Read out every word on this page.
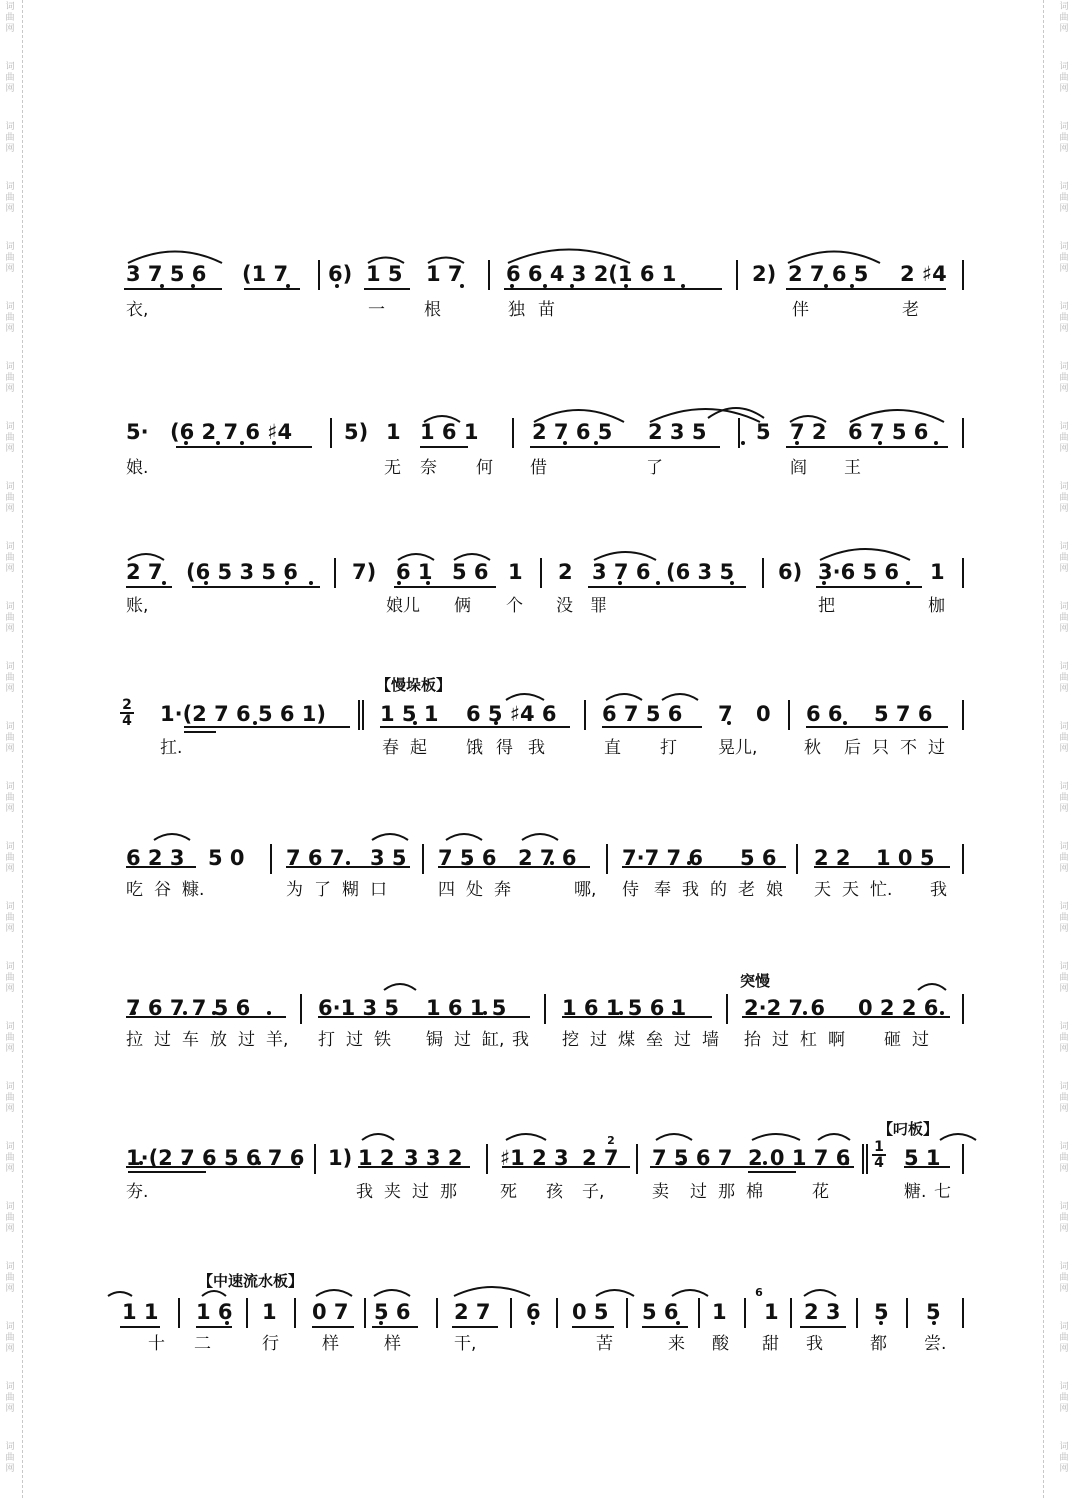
3 7 5 6 (1 7 6) 1 5 1 7 6 6 4 3 2(1 6 1	2) 2 7 6 5 2 ♯4
衣,	一 根	独 苗	伴	老
5· (6 2 7 6 ♯4 5) 1 1 6 1	2 7 6 5 2 3 5 5 7 2 6 7 5 6
娘.	无 奈 何 借	了	阎 王
2 7 (6 5 3 5 6	7) 6 1 5 6 1 2 3 7 6 (6 3 5 6) 3·6 5 6 1
账,	娘儿 俩 个 没 罪	把	枷
【慢垛板】
2
4 1·(2 7 6 5 6 1)	1 5 1 6 5 ♯4 6 6 7 5 6 7 0 6 6 5 7 6
扛.	春 起 饿 得 我	直 打 晃儿,	秋 后 只 不 过
6 2 3 5 0 7 6 7 3 5 7 5 6 2 7 6 7·7 7 6 5 6 2 2 1 0 5
吃 谷 糠.	为 了 糊 口	四 处 奔	哪, 侍 奉 我 的 老 娘 天 天 忙. 我
突慢
7 6 7 7 5 6	6·1 3 5 1 6 1 5	1 6 1 5 6 1	2·2 7 6 0 2 2 6
拉 过 车 放 过 羊, 打 过 铁 锔 过 缸, 我 挖 过 煤 垒 过 墙 抬 过 杠 啊 砸 过
【叼板】
1·(2 7 6 5 6 7 6 1) 1 2 3 3 2 ♯1 2 3 2 7
2
7 5 6 7 2 0 1 7 6 1
4 5 1
夯.	我 夹 过 那	死 孩 子,	卖 过 那 棉	花	糖. 七
【中速流水板】
1 1 1 6 1 0 7 5 6 2 7 6 0 5 5 6 1
6
1 2 3 5 5
十 二	行	样	样	干,	苦	来 酸 甜 我	都 尝.
词曲网
词曲网
词曲网
词曲网
词曲网
词曲网
词曲网
词曲网
词曲网
词曲网
词曲网
词曲网
词曲网
词曲网
词曲网
词曲网
词曲网
词曲网
词曲网
词曲网
词曲网
词曲网
词曲网
词曲网
词曲网
词曲网
词曲网
词曲网
词曲网
词曲网
词曲网
词曲网
词曲网
词曲网
词曲网
词曲网
词曲网
词曲网
词曲网
词曲网
词曲网
词曲网
词曲网
词曲网
词曲网
词曲网
词曲网
词曲网
词曲网
词曲网
